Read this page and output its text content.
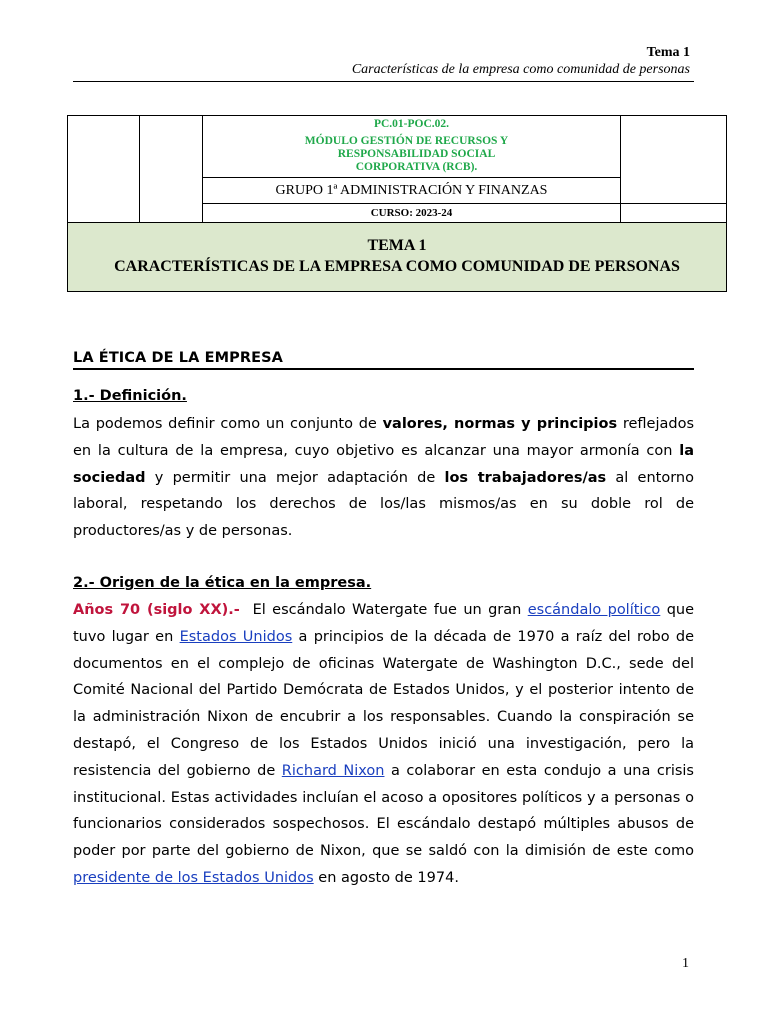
Tema 1
Características de la empresa como comunidad de personas

		PC.01-POC.02.
MÓDULO GESTIÓN DE RECURSOS Y
RESPONSABILIDAD SOCIAL
CORPORATIVA (RCB).	

		GRUPO 1ª ADMINISTRACIÓN Y FINANZAS	
		CURSO: 2023-24	

TEMA 1
CARACTERÍSTICAS DE LA EMPRESA COMO COMUNIDAD DE PERSONAS			
LA ÉTICA DE LA EMPRESA
1.- Definición.
La podemos definir como un conjunto de valores, normas y principios reflejados en la cultura de la empresa, cuyo objetivo es alcanzar una mayor armonía con la sociedad y permitir una mejor adaptación de los trabajadores/as al entorno laboral, respetando los derechos de los/las mismos/as en su doble rol de productores/as y de personas.
2.- Origen de la ética en la empresa.
Años 70 (siglo XX).-  El escándalo Watergate fue un gran escándalo político que tuvo lugar en Estados Unidos a principios de la década de 1970 a raíz del robo de documentos en el complejo de oficinas Watergate de Washington D.C., sede del Comité Nacional del Partido Demócrata de Estados Unidos, y el posterior intento de la administración Nixon de encubrir a los responsables. Cuando la conspiración se destapó, el Congreso de los Estados Unidos inició una investigación, pero la resistencia del gobierno de Richard Nixon a colaborar en esta condujo a una crisis institucional. Estas actividades incluían el acoso a opositores políticos y a personas o funcionarios considerados sospechosos. El escándalo destapó múltiples abusos de poder por parte del gobierno de Nixon, que se saldó con la dimisión de este como presidente de los Estados Unidos en agosto de 1974.
1
